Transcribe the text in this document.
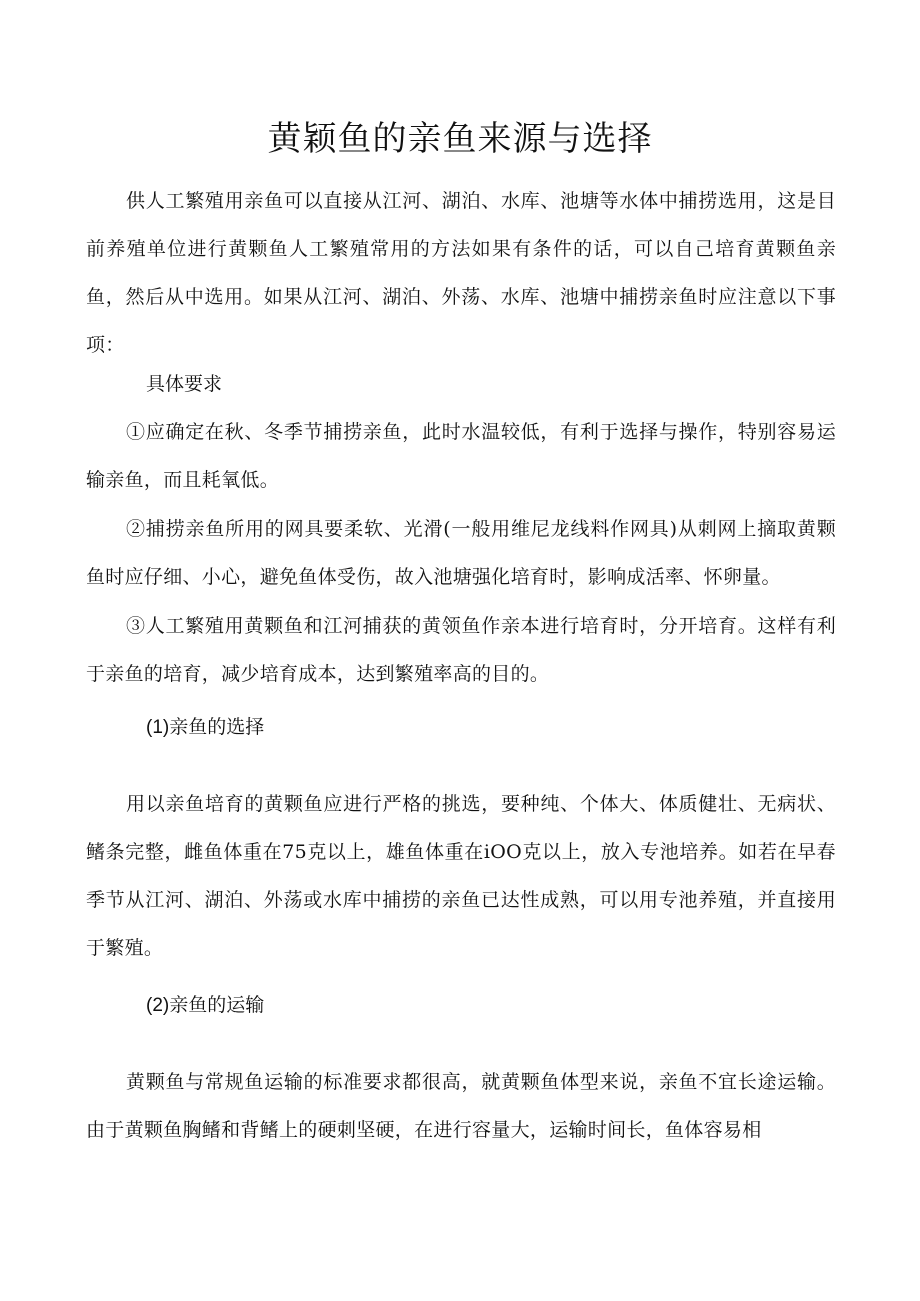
黄颖鱼的亲鱼来源与选择

供人工繁殖用亲鱼可以直接从江河、湖泊、水库、池塘等水体中捕捞选用，这是目前养殖单位进行黄颗鱼人工繁殖常用的方法如果有条件的话，可以自己培育黄颗鱼亲鱼，然后从中选用。如果从江河、湖泊、外荡、水库、池塘中捕捞亲鱼时应注意以下事项：

具体要求

①应确定在秋、冬季节捕捞亲鱼，此时水温较低，有利于选择与操作，特别容易运输亲鱼，而且耗氧低。

②捕捞亲鱼所用的网具要柔软、光滑(一般用维尼龙线料作网具)从刺网上摘取黄颗鱼时应仔细、小心，避免鱼体受伤，故入池塘强化培育时，影响成活率、怀卵量。

③人工繁殖用黄颗鱼和江河捕获的黄领鱼作亲本进行培育时，分开培育。这样有利于亲鱼的培育，减少培育成本，达到繁殖率高的目的。

(1)亲鱼的选择

用以亲鱼培育的黄颗鱼应进行严格的挑选，要种纯、个体大、体质健壮、无病状、鳍条完整，雌鱼体重在75克以上，雄鱼体重在iOO克以上，放入专池培养。如若在早春季节从江河、湖泊、外荡或水库中捕捞的亲鱼已达性成熟，可以用专池养殖，并直接用于繁殖。

(2)亲鱼的运输

黄颗鱼与常规鱼运输的标准要求都很高，就黄颗鱼体型来说，亲鱼不宜长途运输。由于黄颗鱼胸鳍和背鳍上的硬刺坚硬，在进行容量大，运输时间长，鱼体容易相
